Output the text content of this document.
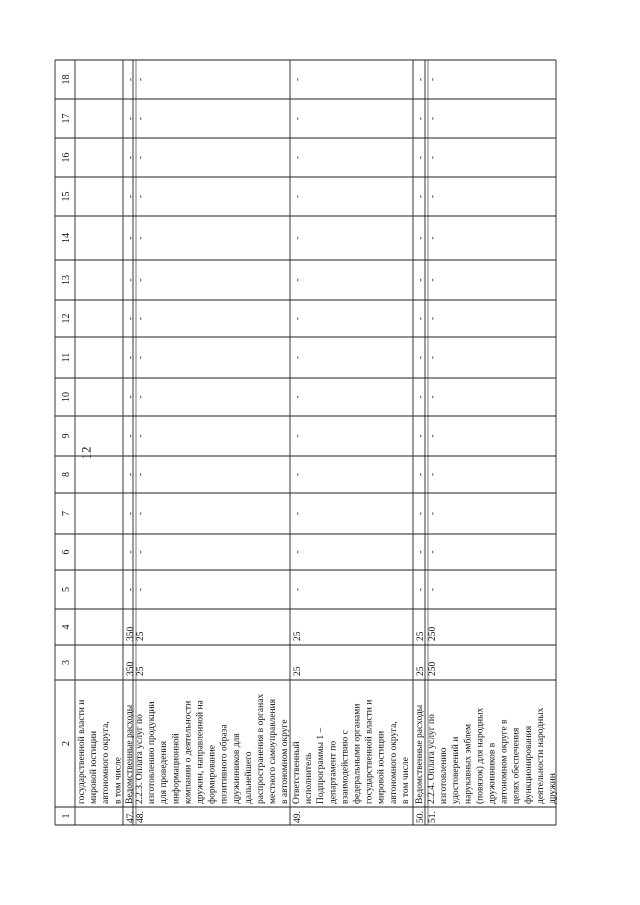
12
1
2
3
4
5
6
7
8
9
10
11
12
13
14
15
16
17
18
государственной власти и мировой юстиции автономного округа, в том числе
47.
Ведомственные расходы
350
350
-
-
-
-
-
-
-
-
-
-
-
-
-
-
48.
2.2.3. Оплата услуг по изготовлению продукции для проведения информационной компании о деятельности дружин, направленной на формирование позитивного образа дружинников для дальнейшего распространения в органах местного самоуправления в автономном округе
25
25
-
-
-
-
-
-
-
-
-
-
-
-
-
-
49.
Ответственный исполнитель Подпрограммы 1 – департамент по взаимодействию с федеральными органами государственной власти и мировой юстиции автономного округа, в том числе
25
25
-
-
-
-
-
-
-
-
-
-
-
-
-
-
50.
Ведомственные расходы
25
25
-
-
-
-
-
-
-
-
-
-
-
-
-
-
51.
2.2.4. Оплата услуг по изготовлению удостоверений и нарукавных эмблем (повязок) для народных дружинников в автономном округе в целях обеспечения функционирования деятельности народных дружин
250
250
-
-
-
-
-
-
-
-
-
-
-
-
-
-
